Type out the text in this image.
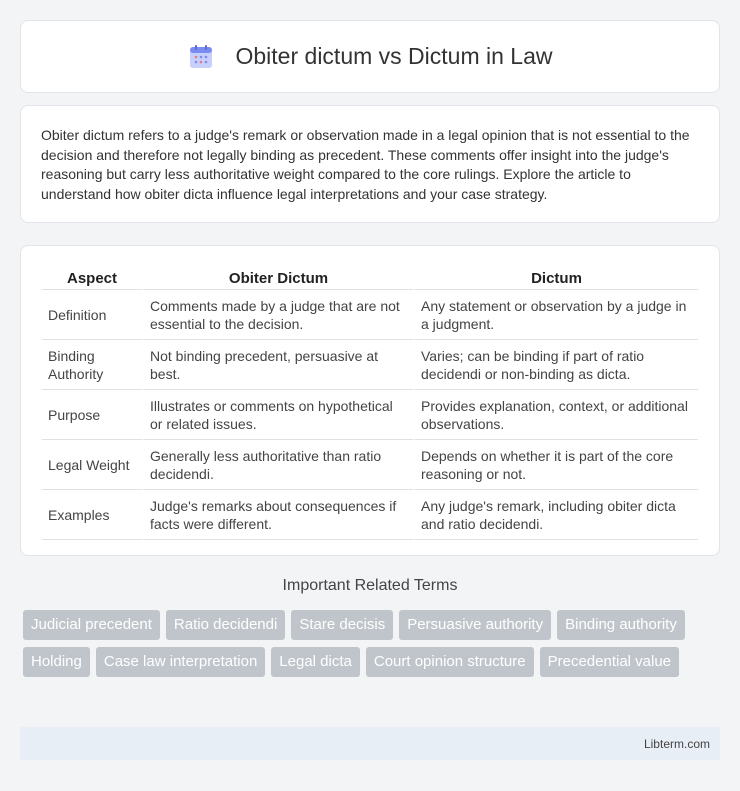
Obiter dictum vs Dictum in Law

Obiter dictum refers to a judge's remark or observation made in a legal opinion that is not essential to the decision and therefore not legally binding as precedent. These comments offer insight into the judge's reasoning but carry less authoritative weight compared to the core rulings. Explore the article to understand how obiter dicta influence legal interpretations and your case strategy.

Aspect	Obiter Dictum	Dictum
Definition	Comments made by a judge that are not essential to the decision.	Any statement or observation by a judge in a judgment.
Binding Authority	Not binding precedent, persuasive at best.	Varies; can be binding if part of ratio decidendi or non-binding as dicta.
Purpose	Illustrates or comments on hypothetical or related issues.	Provides explanation, context, or additional observations.
Legal Weight	Generally less authoritative than ratio decidendi.	Depends on whether it is part of the core reasoning or not.
Examples	Judge's remarks about consequences if facts were different.	Any judge's remark, including obiter dicta and ratio decidendi.
Important Related Terms
Judicial precedent	Ratio decidendi	Stare decisis	Persuasive authority	Binding authority
Holding	Case law interpretation	Legal dicta	Court opinion structure	Precedential value
Libterm.com
